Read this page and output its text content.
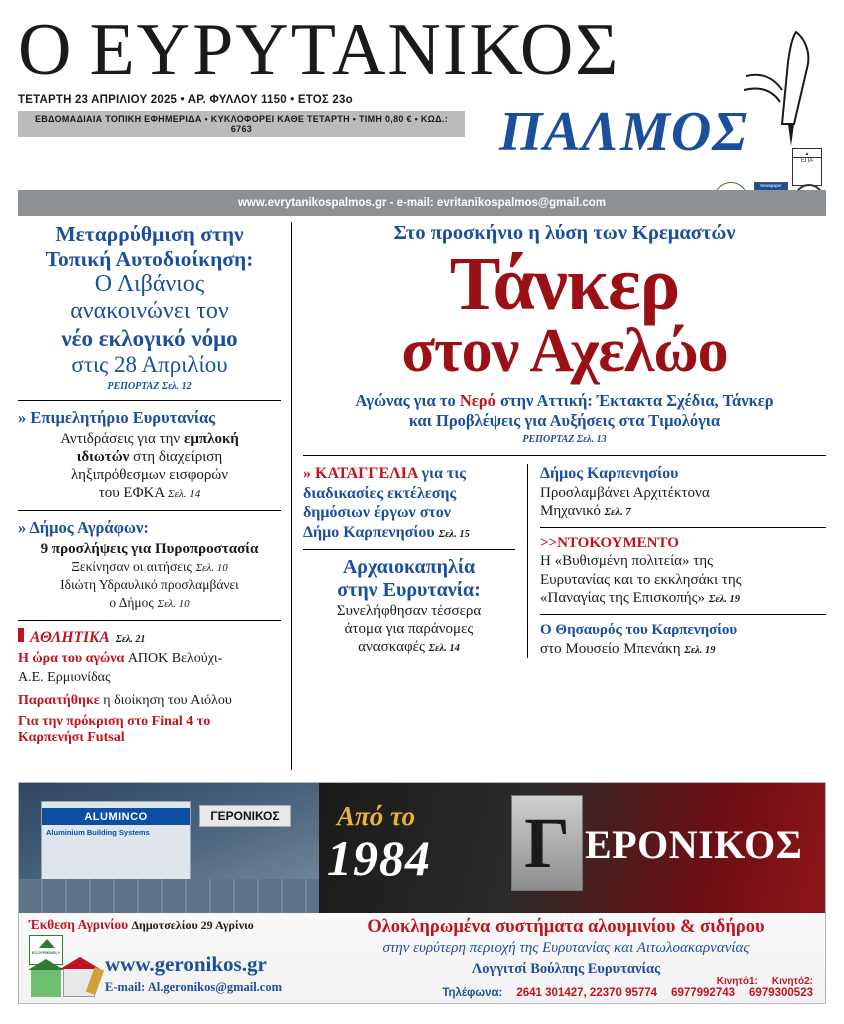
Ο ΕΥΡΥΤΑΝΙΚΟΣ
ΠΑΛΜΟΣ
ΤΕΤΑΡΤΗ 23 ΑΠΡΙΛΙΟΥ 2025 • ΑΡ. ΦΥΛΛΟΥ 1150 • ΕΤΟΣ 23ο
ΕΒΔΟΜΑΔΙΑΙΑ ΤΟΠΙΚΗ ΕΦΗΜΕΡΙΔΑ • ΚΥΚΛΟΦΟΡΕΙ ΚΑΘΕ ΤΕΤΑΡΤΗ • ΤΙΜΗ 0,80 € • ΚΩΔ.: 6763
▲
ΕΠΑ
Newspaper
www.evrytanikospalmos.gr - e-mail: evritanikospalmos@gmail.com
Μεταρρύθμιση στην
Τοπική Αυτοδιοίκηση:
Ο Λιβάνιος
ανακοινώνει τον
νέο εκλογικό νόμο
στις 28 Απριλίου
ΡΕΠΟΡΤΑΖ Σελ. 12
» Επιμελητήριο Ευρυτανίας
Αντιδράσεις για την εμπλοκή
ιδιωτών στη διαχείριση
ληξιπρόθεσμων εισφορών
του ΕΦΚΑ Σελ. 14
» Δήμος Αγράφων:
9 προσλήψεις για Πυροπροστασία
Ξεκίνησαν οι αιτήσεις Σελ. 10
Ιδιώτη Υδραυλικό προσλαμβάνει
ο Δήμος Σελ. 10
ΑΘΛΗΤΙΚΑ Σελ. 21
Η ώρα του αγώνα ΑΠΟΚ Βελούχι-
Α.Ε. Ερμιονίδας
Παραιτήθηκε η διοίκηση του Αιόλου
Για την πρόκριση στο Final 4 το
Καρπενήσι Futsal
Στο προσκήνιο η λύση των Κρεμαστών
Τάνκερ
στον Αχελώο
Αγώνας για το Νερό στην Αττική: Έκτακτα Σχέδια, Τάνκερ
και Προβλέψεις για Αυξήσεις στα Τιμολόγια
ΡΕΠΟΡΤΑΖ Σελ. 13
» ΚΑΤΑΓΓΕΛΙΑ για τις
διαδικασίες εκτέλεσης
δημόσιων έργων στον
Δήμο Καρπενησίου Σελ. 15
Αρχαιοκαπηλία
στην Ευρυτανία:
Συνελήφθησαν τέσσερα
άτομα για παράνομες
ανασκαφές Σελ. 14
Δήμος Καρπενησίου
Προσλαμβάνει Αρχιτέκτονα
Μηχανικό Σελ. 7
>>ΝΤΟΚΟΥΜΕΝΤΟ
Η «Βυθισμένη πολιτεία» της
Ευρυτανίας και το εκκλησάκι της
«Παναγίας της Επισκοπής» Σελ. 19
Ο Θησαυρός του Καρπενησίου
στο Μουσείο Μπενάκη Σελ. 19
ALUMINCO
Aluminium Building Systems
ΓΕΡΟΝΙΚΟΣ	Από το
1984 Γ ΕΡΟΝΙΚΟΣ
Ολοκληρωμένα συστήματα αλουμινίου & σιδήρου
στην ευρύτερη περιοχή της Ευρυτανίας και Αιτωλοακαρνανίας
Λογγιτσί Βούλπης Ευρυτανίας
Κινητό1: Κινητό2:
Τηλέφωνα: 2641 301427, 22370 95774 6977992743 6979300523
Έκθεση Αγρινίου Δημοτσελίου 29 Αγρίνιο
www.geronikos.gr
E-mail: Al.geronikos@gmail.com
ECOFRIENDLY
